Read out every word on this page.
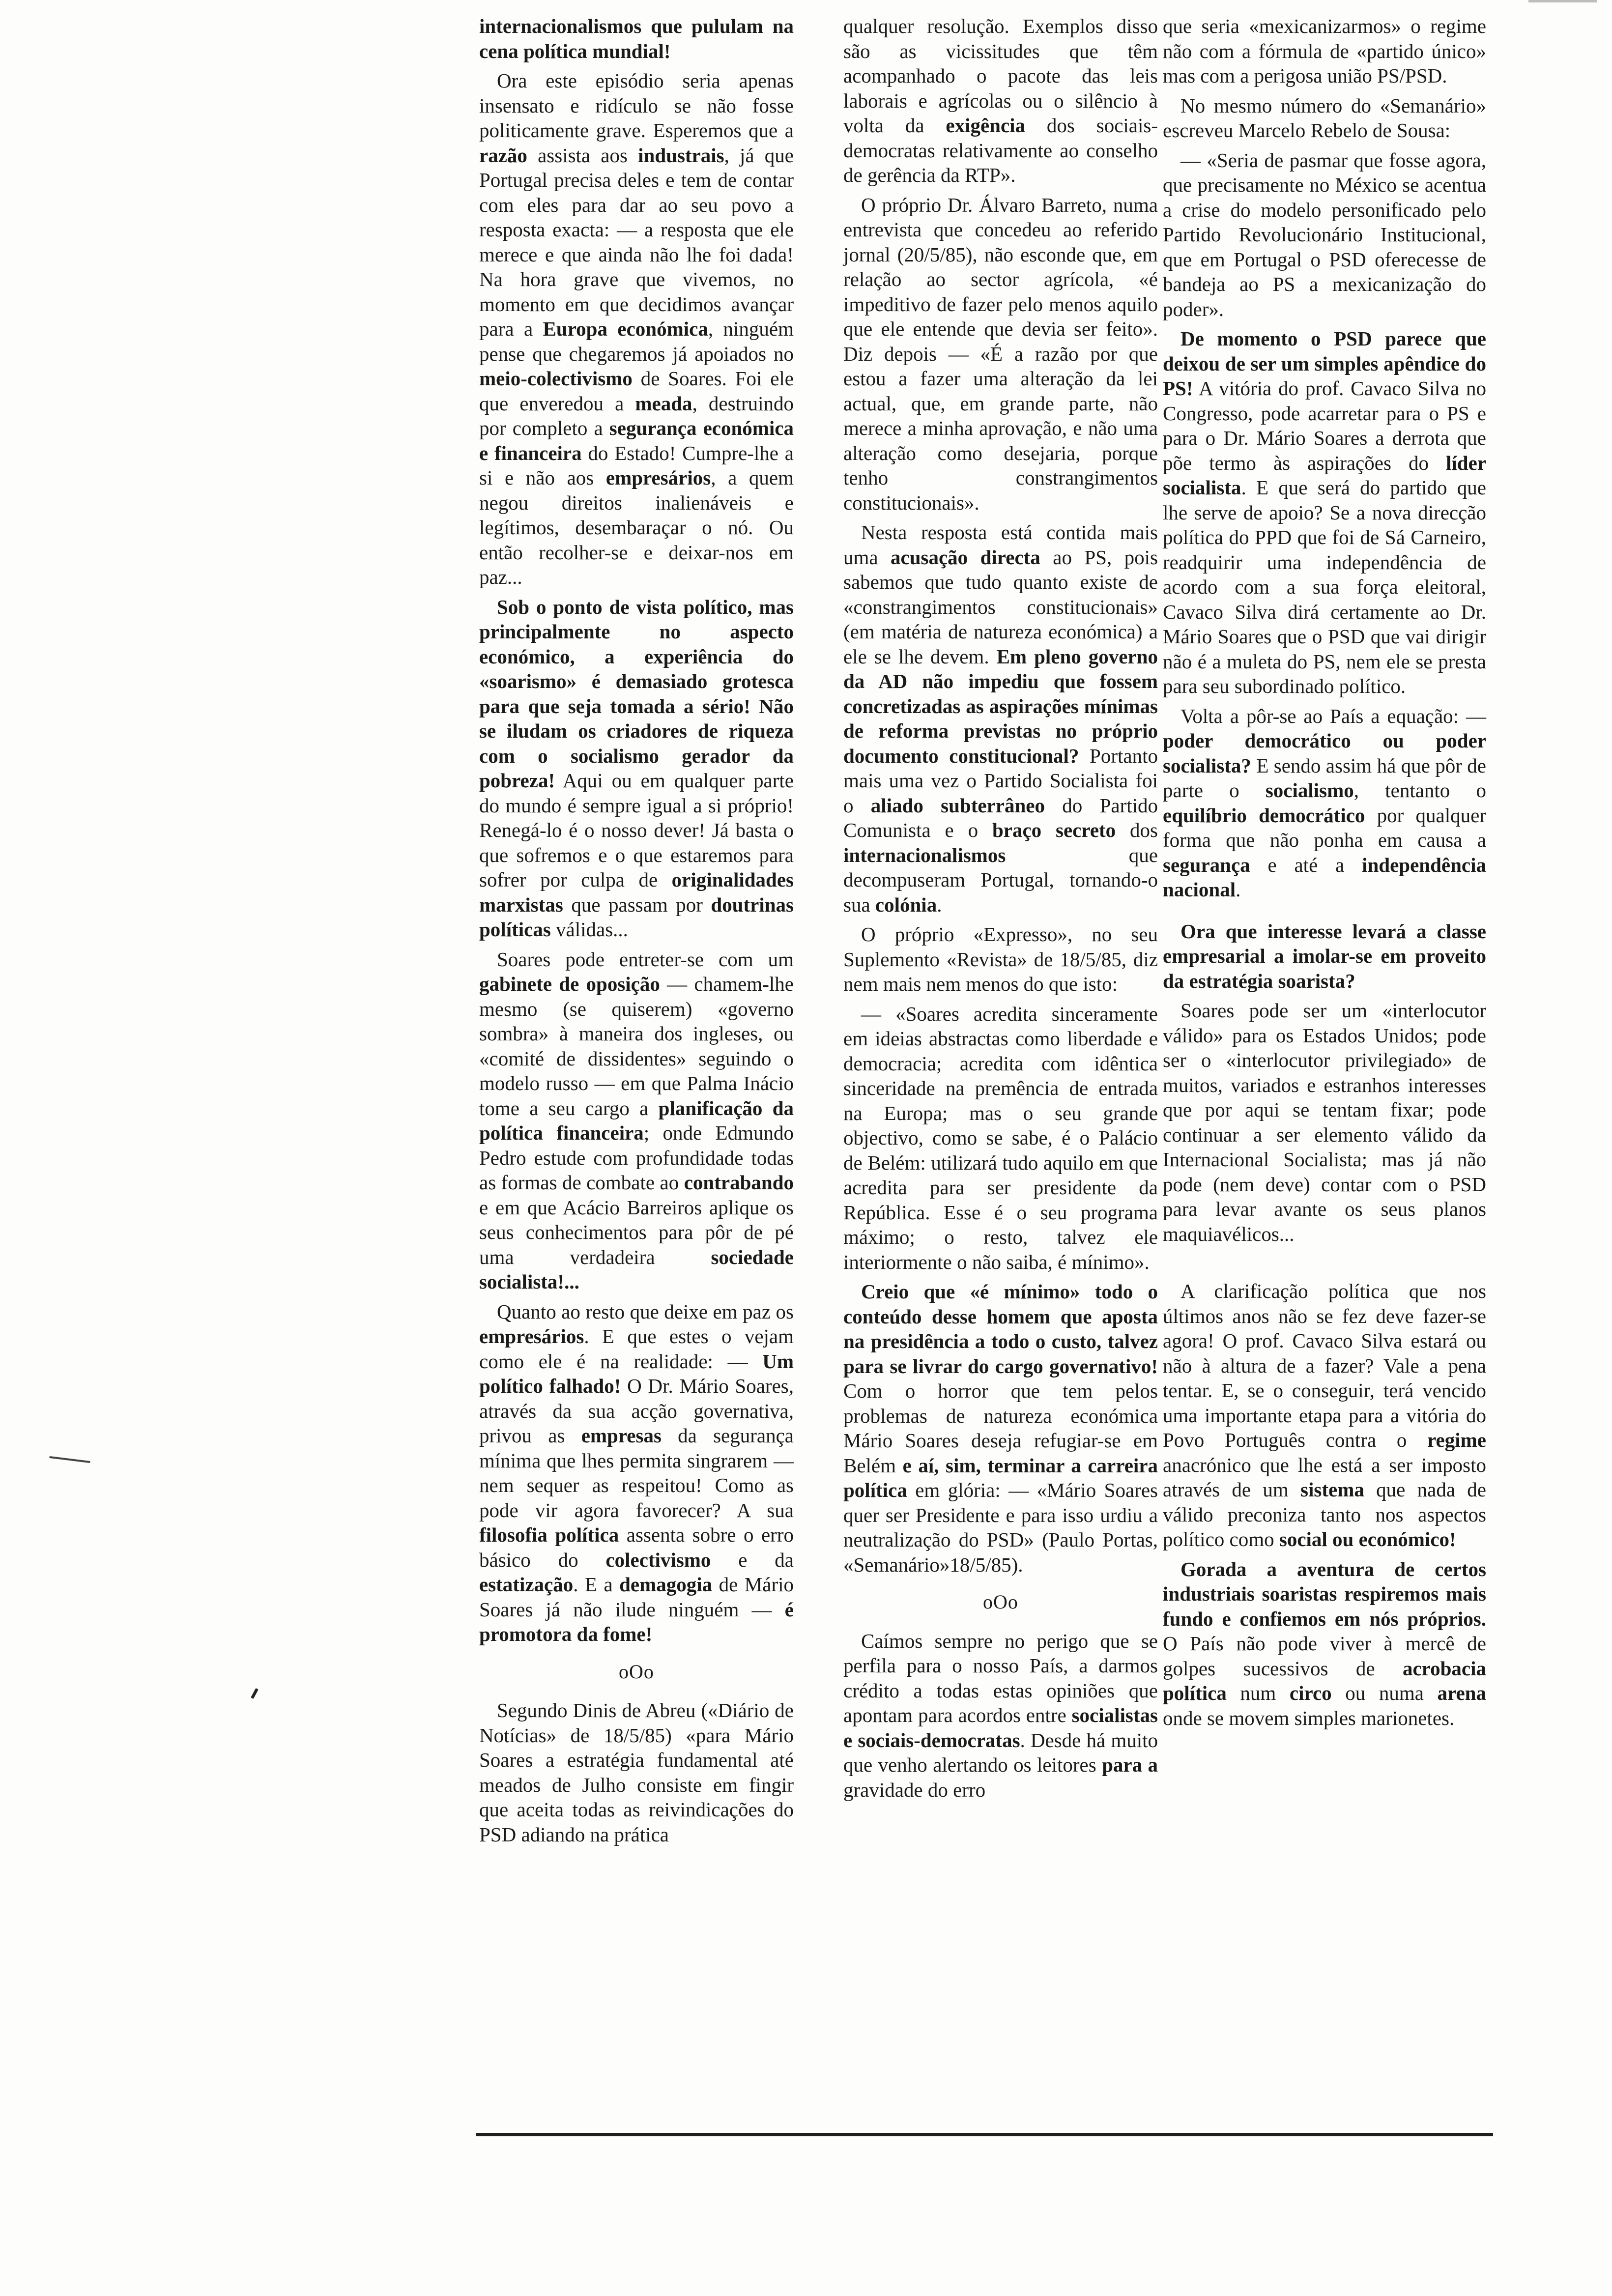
internacionalismos que pululam na cena política mundial!

Ora este episódio seria apenas insensato e ridículo se não fosse politicamente grave. Esperemos que a razão assista aos industrais, já que Portugal precisa deles e tem de contar com eles para dar ao seu povo a resposta exacta: — a resposta que ele merece e que ainda não lhe foi dada! Na hora grave que vivemos, no momento em que decidimos avançar para a Europa económica, ninguém pense que chegaremos já apoiados no meio-colectivismo de Soares. Foi ele que enveredou a meada, destruindo por completo a segurança económica e financeira do Estado! Cumpre-lhe a si e não aos empresários, a quem negou direitos inalienáveis e legítimos, desembaraçar o nó. Ou então recolher-se e deixar-nos em paz...

Sob o ponto de vista político, mas principalmente no aspecto económico, a experiência do «soarismo» é demasiado grotesca para que seja tomada a sério! Não se iludam os criadores de riqueza com o socialismo gerador da pobreza! Aqui ou em qualquer parte do mundo é sempre igual a si próprio! Renegá-lo é o nosso dever! Já basta o que sofremos e o que estaremos para sofrer por culpa de originalidades marxistas que passam por doutrinas políticas válidas...

Soares pode entreter-se com um gabinete de oposição — chamem-lhe mesmo (se quiserem) «governo sombra» à maneira dos ingleses, ou «comité de dissidentes» seguindo o modelo russo — em que Palma Inácio tome a seu cargo a planificação da política financeira; onde Edmundo Pedro estude com profundidade todas as formas de combate ao contrabando e em que Acácio Barreiros aplique os seus conhecimentos para pôr de pé uma verdadeira sociedade socialista!...

Quanto ao resto que deixe em paz os empresários. E que estes o vejam como ele é na realidade: — Um político falhado! O Dr. Mário Soares, através da sua acção governativa, privou as empresas da segurança mínima que lhes permita singrarem — nem sequer as respeitou! Como as pode vir agora favorecer? A sua filosofia política assenta sobre o erro básico do colectivismo e da estatização. E a demagogia de Mário Soares já não ilude ninguém — é promotora da fome!

oOo

Segundo Dinis de Abreu («Diário de Notícias» de 18/5/85) «para Mário Soares a estratégia fundamental até meados de Julho consiste em fingir que aceita todas as reivindicações do PSD adiando na prática

qualquer resolução. Exemplos disso são as vicissitudes que têm acompanhado o pacote das leis laborais e agrícolas ou o silêncio à volta da exigência dos sociais-democratas relativamente ao conselho de gerência da RTP».

O próprio Dr. Álvaro Barreto, numa entrevista que concedeu ao referido jornal (20/5/85), não esconde que, em relação ao sector agrícola, «é impeditivo de fazer pelo menos aquilo que ele entende que devia ser feito». Diz depois — «É a razão por que estou a fazer uma alteração da lei actual, que, em grande parte, não merece a minha aprovação, e não uma alteração como desejaria, porque tenho constrangimentos constitucionais».

Nesta resposta está contida mais uma acusação directa ao PS, pois sabemos que tudo quanto existe de «constrangimentos constitucionais» (em matéria de natureza económica) a ele se lhe devem. Em pleno governo da AD não impediu que fossem concretizadas as aspirações mínimas de reforma previstas no próprio documento constitucional? Portanto mais uma vez o Partido Socialista foi o aliado subterrâneo do Partido Comunista e o braço secreto dos internacionalismos que decompuseram Portugal, tornando-o sua colónia.

O próprio «Expresso», no seu Suplemento «Revista» de 18/5/85, diz nem mais nem menos do que isto:

— «Soares acredita sinceramente em ideias abstractas como liberdade e democracia; acredita com idêntica sinceridade na premência de entrada na Europa; mas o seu grande objectivo, como se sabe, é o Palácio de Belém: utilizará tudo aquilo em que acredita para ser presidente da República. Esse é o seu programa máximo; o resto, talvez ele interiormente o não saiba, é mínimo».

Creio que «é mínimo» todo o conteúdo desse homem que aposta na presidência a todo o custo, talvez para se livrar do cargo governativo! Com o horror que tem pelos problemas de natureza económica Mário Soares deseja refugiar-se em Belém e aí, sim, terminar a carreira política em glória: — «Mário Soares quer ser Presidente e para isso urdiu a neutralização do PSD» (Paulo Portas, «Semanário»18/5/85).

oOo

Caímos sempre no perigo que se perfila para o nosso País, a darmos crédito a todas estas opiniões que apontam para acordos entre socialistas e sociais-democratas. Desde há muito que venho alertando os leitores para a gravidade do erro

que seria «mexicanizarmos» o regime não com a fórmula de «partido único» mas com a perigosa união PS/PSD.

No mesmo número do «Semanário» escreveu Marcelo Rebelo de Sousa:

— «Seria de pasmar que fosse agora, que precisamente no México se acentua a crise do modelo personificado pelo Partido Revolucionário Institucional, que em Portugal o PSD oferecesse de bandeja ao PS a mexicanização do poder».

De momento o PSD parece que deixou de ser um simples apêndice do PS! A vitória do prof. Cavaco Silva no Congresso, pode acarretar para o PS e para o Dr. Mário Soares a derrota que põe termo às aspirações do líder socialista. E que será do partido que lhe serve de apoio? Se a nova direcção política do PPD que foi de Sá Carneiro, readquirir uma independência de acordo com a sua força eleitoral, Cavaco Silva dirá certamente ao Dr. Mário Soares que o PSD que vai dirigir não é a muleta do PS, nem ele se presta para seu subordinado político.

Volta a pôr-se ao País a equação: — poder democrático ou poder socialista? E sendo assim há que pôr de parte o socialismo, tentanto o equilíbrio democrático por qualquer forma que não ponha em causa a segurança e até a independência nacional.

Ora que interesse levará a classe empresarial a imolar-se em proveito da estratégia soarista?

Soares pode ser um «interlocutor válido» para os Estados Unidos; pode ser o «interlocutor privilegiado» de muitos, variados e estranhos interesses que por aqui se tentam fixar; pode continuar a ser elemento válido da Internacional Socialista; mas já não pode (nem deve) contar com o PSD para levar avante os seus planos maquiavélicos...

A clarificação política que nos últimos anos não se fez deve fazer-se agora! O prof. Cavaco Silva estará ou não à altura de a fazer? Vale a pena tentar. E, se o conseguir, terá vencido uma importante etapa para a vitória do Povo Português contra o regime anacrónico que lhe está a ser imposto através de um sistema que nada de válido preconiza tanto nos aspectos político como social ou económico!

Gorada a aventura de certos industriais soaristas respiremos mais fundo e confiemos em nós próprios. O País não pode viver à mercê de golpes sucessivos de acrobacia política num circo ou numa arena onde se movem simples marionetes.
